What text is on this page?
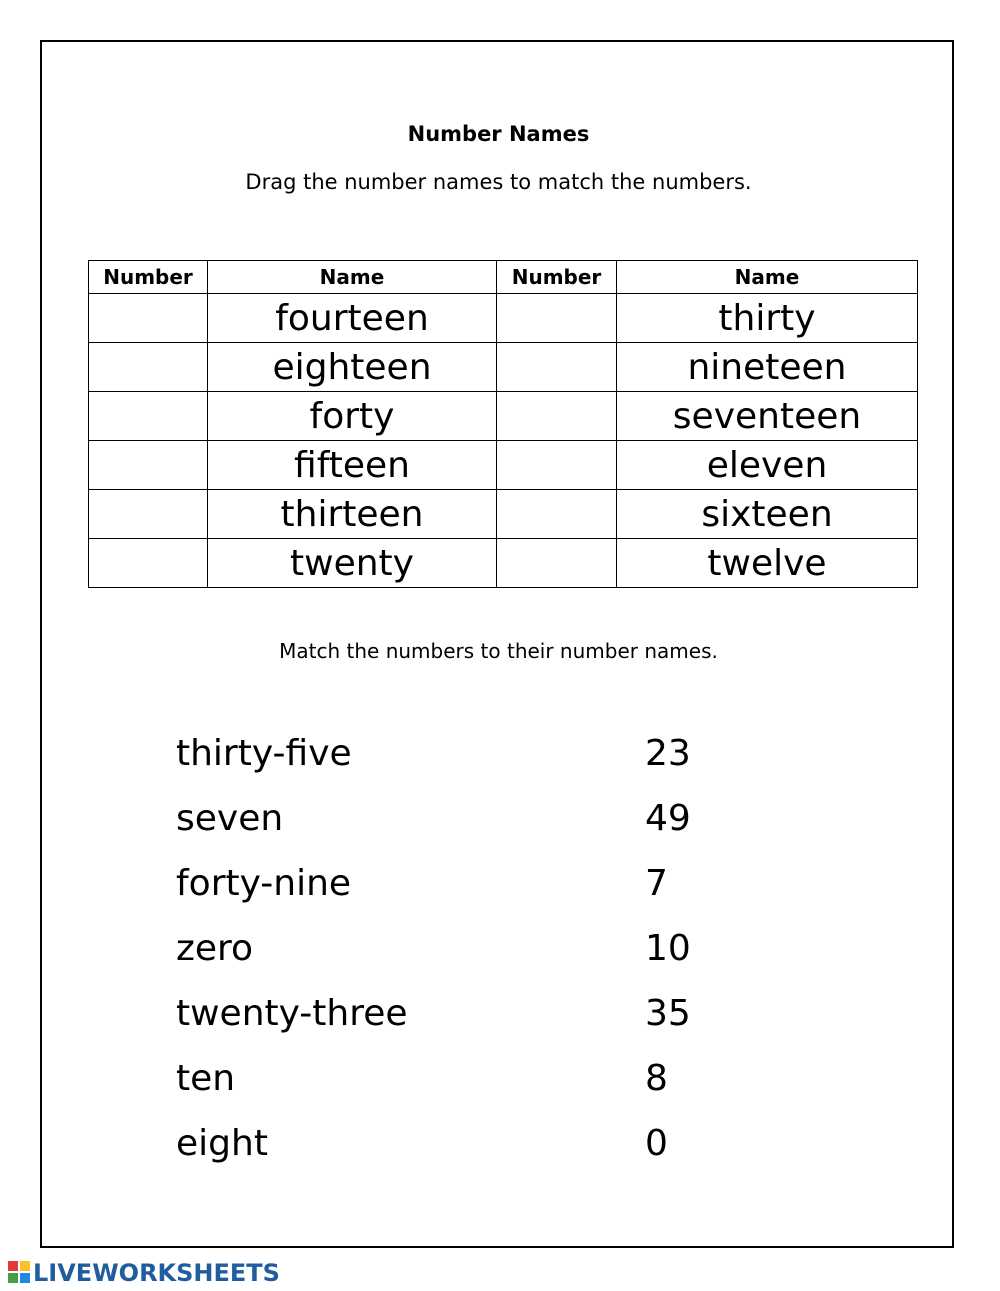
Number Names
Drag the number names to match the numbers.
Number	Name	Number	Name
	fourteen		thirty
	eighteen		nineteen
	forty		seventeen
	fifteen		eleven
	thirteen		sixteen
	twenty		twelve
Match the numbers to their number names.
thirty-five	23
seven	49
forty-nine	7
zero	10
twenty-three	35
ten	8
eight	0
LIVEWORKSHEETS
